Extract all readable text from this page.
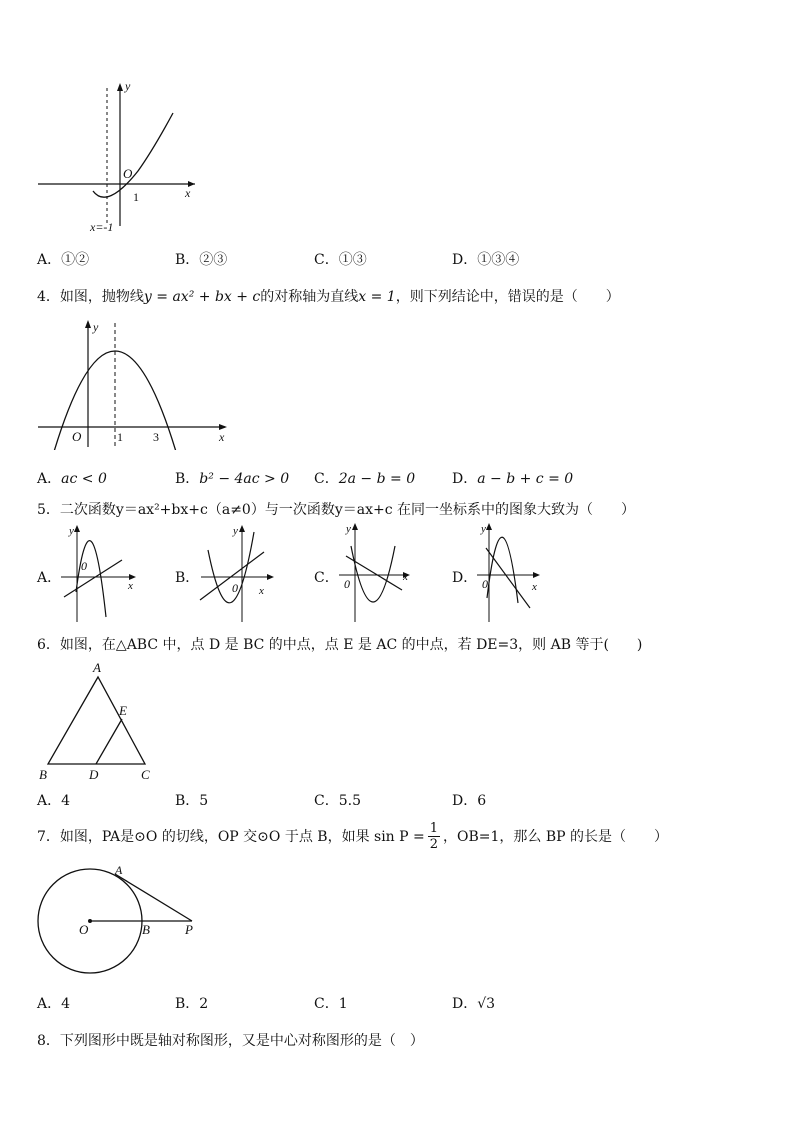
y
O
x
1
x=-1
A．①②	B．②③	C．①③	D．①③④
4．如图，抛物线y = ax² + bx + c的对称轴为直线x = 1，则下列结论中，错误的是（　　）
y
O	1	3	x
A．ac < 0	B．b² − 4ac > 0 C．2a − b = 0	D．a − b + c = 0
5．二次函数y＝ax²+bx+c（a≠0）与一次函数y＝ax+c 在同一坐标系中的图象大致为（　　）
A．
y
0
x	B．
y
0 x
C．
y
0	x	D．
y
0	x
6．如图，在△ABC 中，点 D 是 BC 的中点，点 E 是 AC 的中点，若 DE=3，则 AB 等于(　　)
A
E
B	D	C
A．4	B．5	C．5.5	D．6
7． 如图，PA是⊙O 的切线，OP 交⊙O 于点 B，如果 $\sin P = \frac{1}{2}$ ，OB=1，那么 BP 的长是（　　）
A
O	B	P
A．4	B．2	C．1	D．√3
8．下列图形中既是轴对称图形，又是中心对称图形的是（　）
